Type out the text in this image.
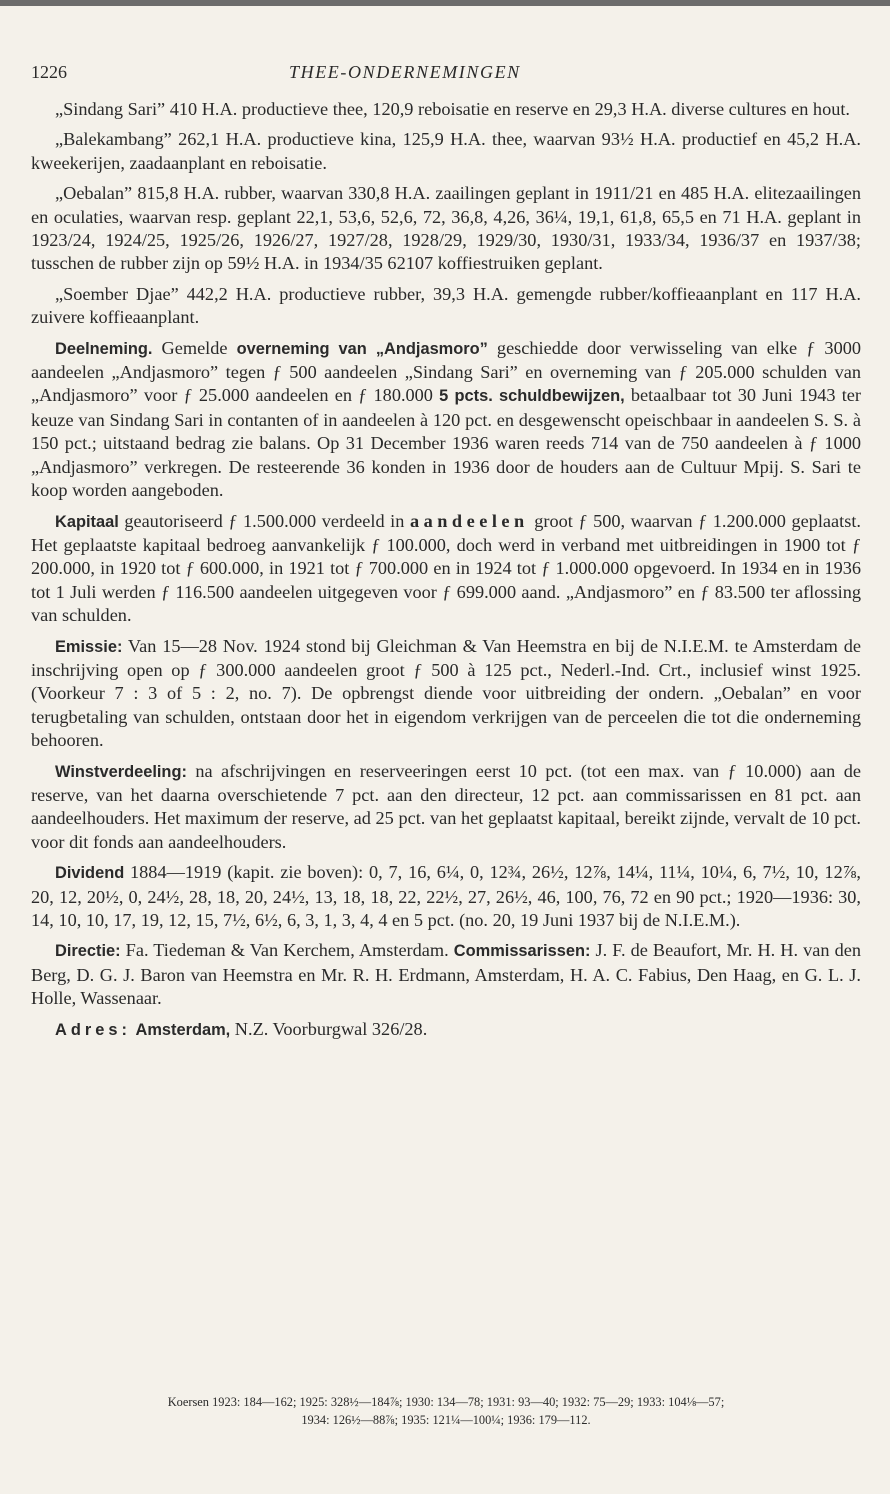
1226	THEE-ONDERNEMINGEN

„Sindang Sari” 410 H.A. productieve thee, 120,9 reboisatie en reserve en 29,3 H.A. diverse cultures en hout.

„Balekambang” 262,1 H.A. productieve kina, 125,9 H.A. thee, waarvan 93½ H.A. productief en 45,2 H.A. kweekerijen, zaadaanplant en reboisatie.

„Oebalan” 815,8 H.A. rubber, waarvan 330,8 H.A. zaailingen geplant in 1911/21 en 485 H.A. elitezaailingen en oculaties, waarvan resp. geplant 22,1, 53,6, 52,6, 72, 36,8, 4,26, 36¼, 19,1, 61,8, 65,5 en 71 H.A. geplant in 1923/24, 1924/25, 1925/26, 1926/27, 1927/28, 1928/29, 1929/30, 1930/31, 1933/34, 1936/37 en 1937/38; tusschen de rubber zijn op 59½ H.A. in 1934/35 62107 koffiestruiken geplant.

„Soember Djae” 442,2 H.A. productieve rubber, 39,3 H.A. gemengde rubber/koffieaanplant en 117 H.A. zuivere koffieaanplant.

Deelneming. Gemelde overneming van „Andjasmoro” geschiedde door verwisseling van elke ƒ 3000 aandeelen „Andjasmoro” tegen ƒ 500 aandeelen „Sindang Sari” en overneming van ƒ 205.000 schulden van „Andjasmoro” voor ƒ 25.000 aandeelen en ƒ 180.000 5 pcts. schuldbewijzen, betaalbaar tot 30 Juni 1943 ter keuze van Sindang Sari in contanten of in aandeelen à 120 pct. en desgewenscht opeischbaar in aandeelen S. S. à 150 pct.; uitstaand bedrag zie balans. Op 31 December 1936 waren reeds 714 van de 750 aandeelen à ƒ 1000 „Andjasmoro” verkregen. De resteerende 36 konden in 1936 door de houders aan de Cultuur Mpij. S. Sari te koop worden aangeboden.

Kapitaal geautoriseerd ƒ 1.500.000 verdeeld in aandeelen groot ƒ 500, waarvan ƒ 1.200.000 geplaatst. Het geplaatste kapitaal bedroeg aanvankelijk ƒ 100.000, doch werd in verband met uitbreidingen in 1900 tot ƒ 200.000, in 1920 tot ƒ 600.000, in 1921 tot ƒ 700.000 en in 1924 tot ƒ 1.000.000 opgevoerd. In 1934 en in 1936 tot 1 Juli werden ƒ 116.500 aandeelen uitgegeven voor ƒ 699.000 aand. „Andjasmoro” en ƒ 83.500 ter aflossing van schulden.

Emissie: Van 15—28 Nov. 1924 stond bij Gleichman & Van Heemstra en bij de N.I.E.M. te Amsterdam de inschrijving open op ƒ 300.000 aandeelen groot ƒ 500 à 125 pct., Nederl.-Ind. Crt., inclusief winst 1925. (Voorkeur 7 : 3 of 5 : 2, no. 7). De opbrengst diende voor uitbreiding der ondern. „Oebalan” en voor terugbetaling van schulden, ontstaan door het in eigendom verkrijgen van de perceelen die tot die onderneming behooren.

Winstverdeeling: na afschrijvingen en reserveeringen eerst 10 pct. (tot een max. van ƒ 10.000) aan de reserve, van het daarna overschietende 7 pct. aan den directeur, 12 pct. aan commissarissen en 81 pct. aan aandeelhouders. Het maximum der reserve, ad 25 pct. van het geplaatst kapitaal, bereikt zijnde, vervalt de 10 pct. voor dit fonds aan aandeelhouders.

Dividend 1884—1919 (kapit. zie boven): 0, 7, 16, 6¼, 0, 12¾, 26½, 12⅞, 14¼, 11¼, 10¼, 6, 7½, 10, 12⅞, 20, 12, 20½, 0, 24½, 28, 18, 20, 24½, 13, 18, 18, 22, 22½, 27, 26½, 46, 100, 76, 72 en 90 pct.; 1920—1936: 30, 14, 10, 10, 17, 19, 12, 15, 7½, 6½, 6, 3, 1, 3, 4, 4 en 5 pct. (no. 20, 19 Juni 1937 bij de N.I.E.M.).

Directie: Fa. Tiedeman & Van Kerchem, Amsterdam. Commissarissen: J. F. de Beaufort, Mr. H. H. van den Berg, D. G. J. Baron van Heemstra en Mr. R. H. Erdmann, Amsterdam, H. A. C. Fabius, Den Haag, en G. L. J. Holle, Wassenaar.

Adres: Amsterdam, N.Z. Voorburgwal 326/28.

Koersen 1923: 184—162; 1925: 328½—184⅞; 1930: 134—78; 1931: 93—40; 1932: 75—29; 1933: 104⅛—57;
1934: 126½—88⅞; 1935: 121¼—100¼; 1936: 179—112.
